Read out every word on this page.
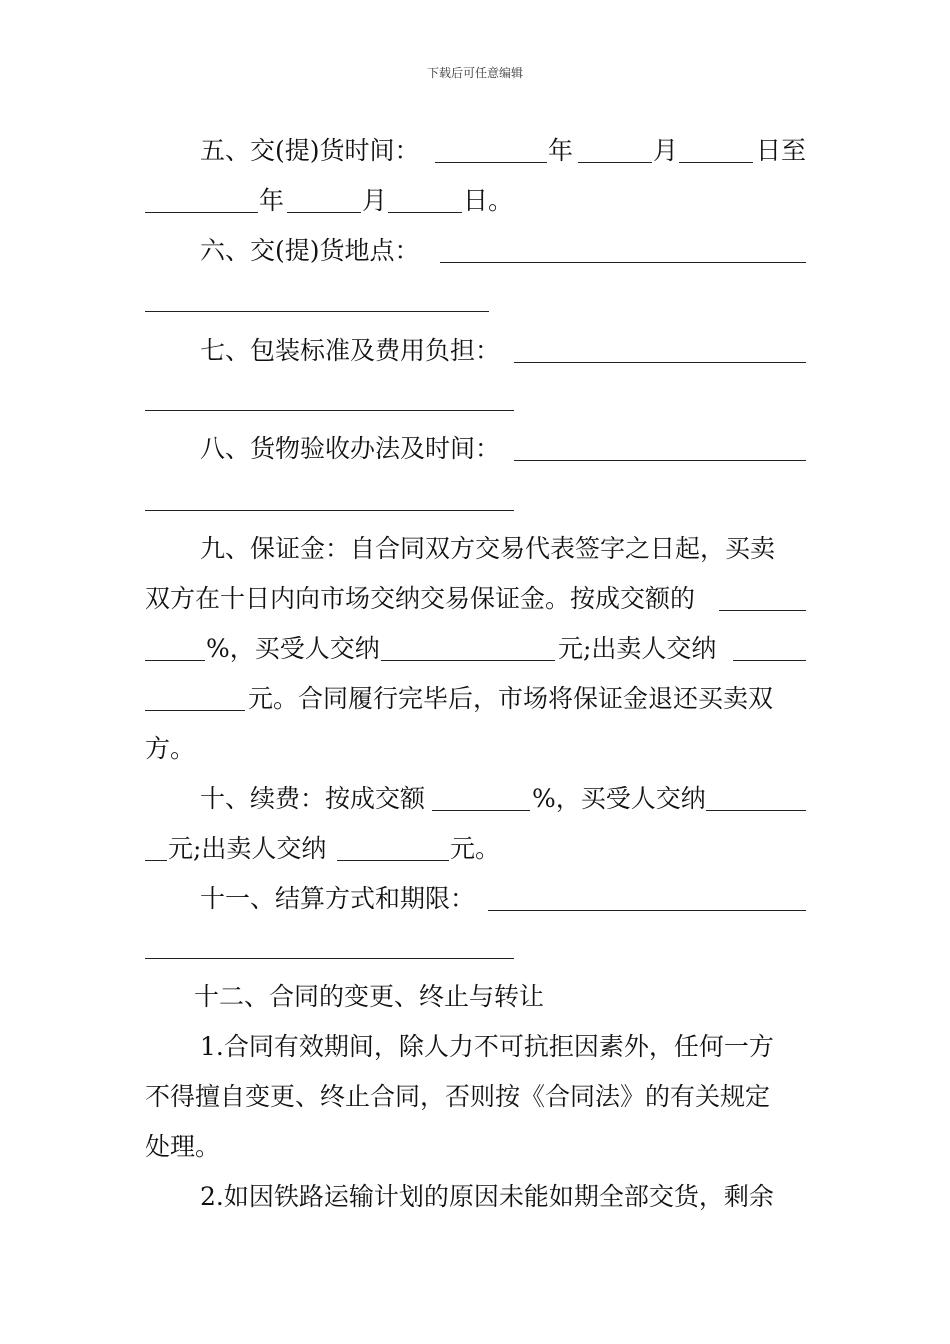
下载后可任意编辑
五、交(提)货时间：	年	月	日至
年	月	日。
六、交(提)货地点：
七、包装标准及费用负担：
八、货物验收办法及时间：
九、保证金：自合同双方交易代表签字之日起，买卖
双方在十日内向市场交纳交易保证金。按成交额的
%，买受人交纳	元;出卖人交纳
元。合同履行完毕后，市场将保证金退还买卖双
方。
十、续费：按成交额	%，买受人交纳
元;出卖人交纳	元。
十一、结算方式和期限：
十二、合同的变更、终止与转让
1.合同有效期间，除人力不可抗拒因素外，任何一方
不得擅自变更、终止合同，否则按《合同法》的有关规定
处理。
2.如因铁路运输计划的原因未能如期全部交货，剩余
